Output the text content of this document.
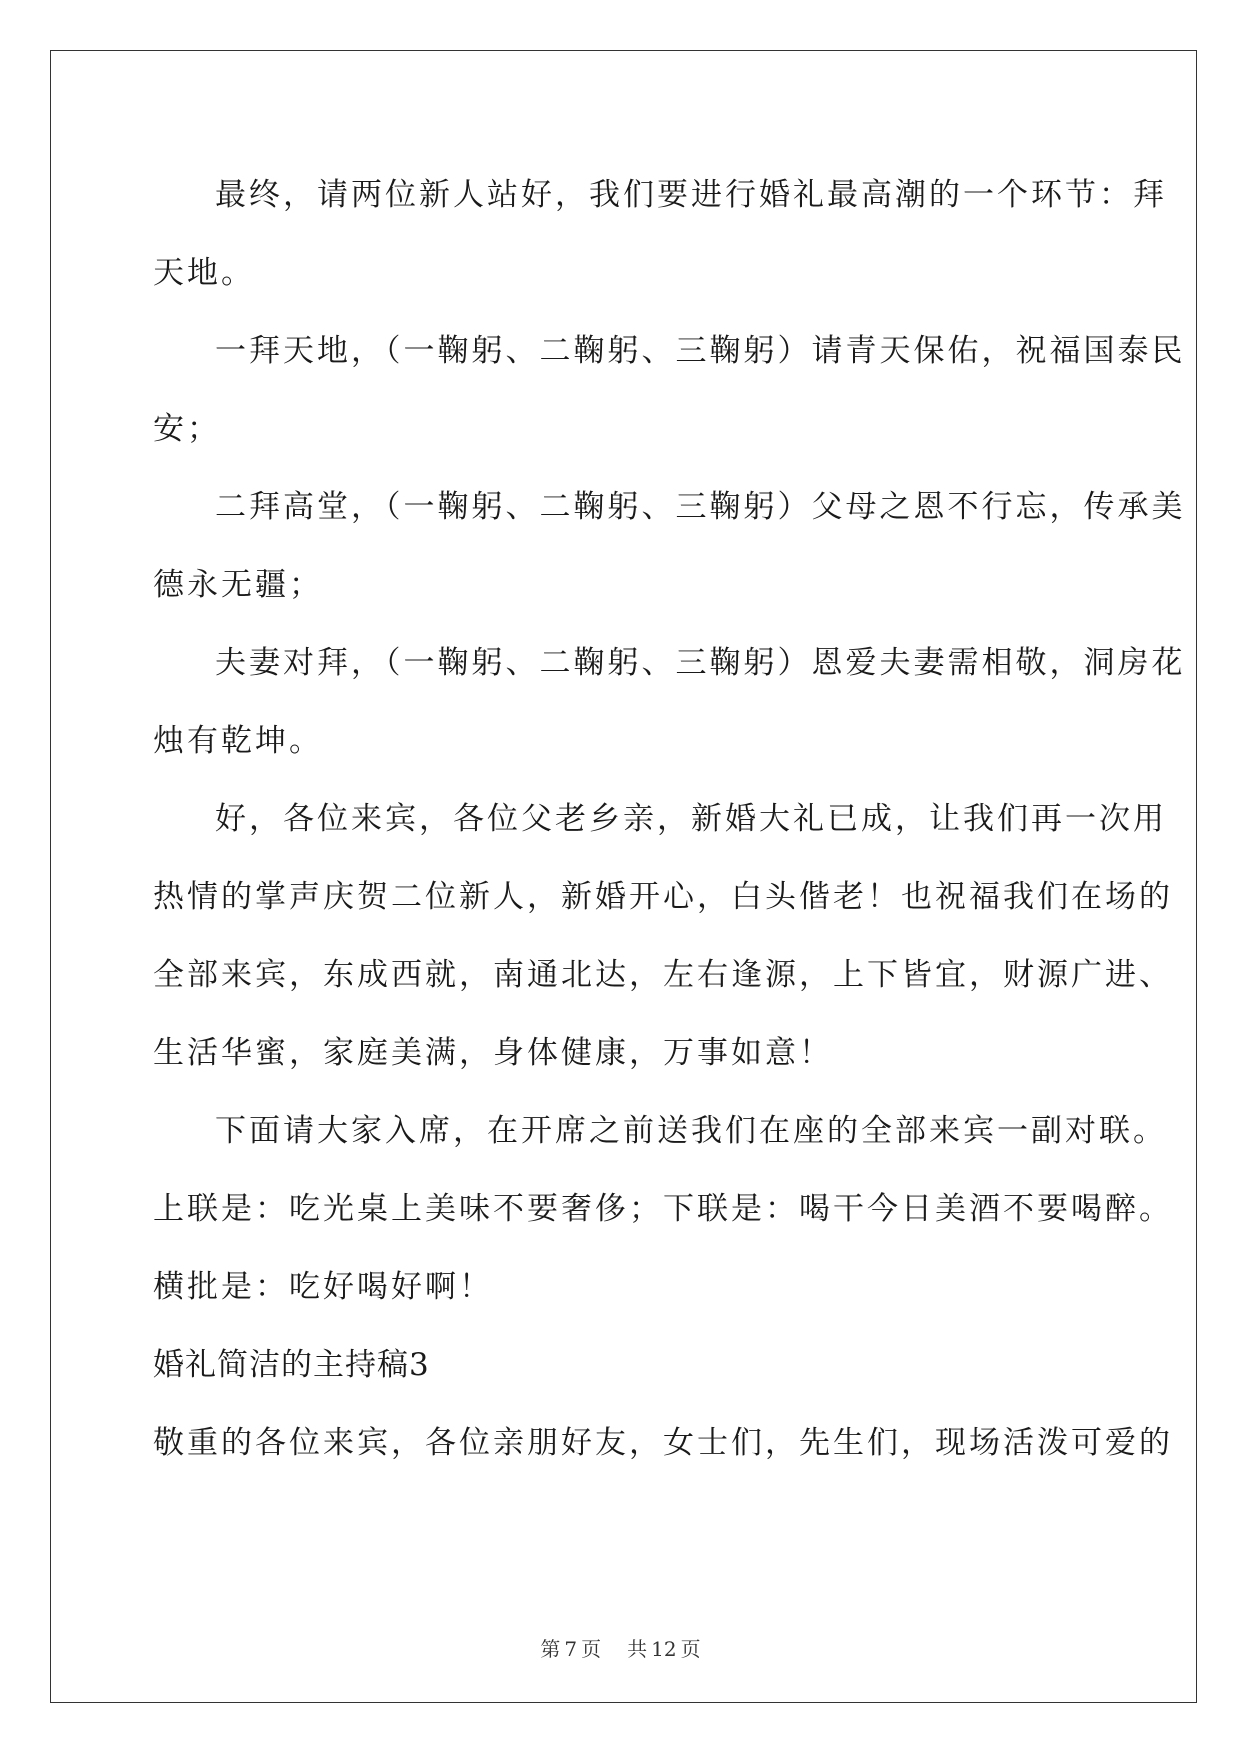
最终，请两位新人站好，我们要进行婚礼最高潮的一个环节：拜
天地。
一拜天地，（一鞠躬、二鞠躬、三鞠躬）请青天保佑，祝福国泰民
安；
二拜高堂，（一鞠躬、二鞠躬、三鞠躬）父母之恩不行忘，传承美
德永无疆；
夫妻对拜，（一鞠躬、二鞠躬、三鞠躬）恩爱夫妻需相敬，洞房花
烛有乾坤。
好，各位来宾，各位父老乡亲，新婚大礼已成，让我们再一次用
热情的掌声庆贺二位新人，新婚开心，白头偕老！也祝福我们在场的
全部来宾，东成西就，南通北达，左右逢源，上下皆宜，财源广进、
生活华蜜，家庭美满，身体健康，万事如意！
下面请大家入席，在开席之前送我们在座的全部来宾一副对联。
上联是：吃光桌上美味不要奢侈；下联是：喝干今日美酒不要喝醉。
横批是：吃好喝好啊！
婚礼简洁的主持稿3
敬重的各位来宾，各位亲朋好友，女士们，先生们，现场活泼可爱的
第 7 页 共 12 页
